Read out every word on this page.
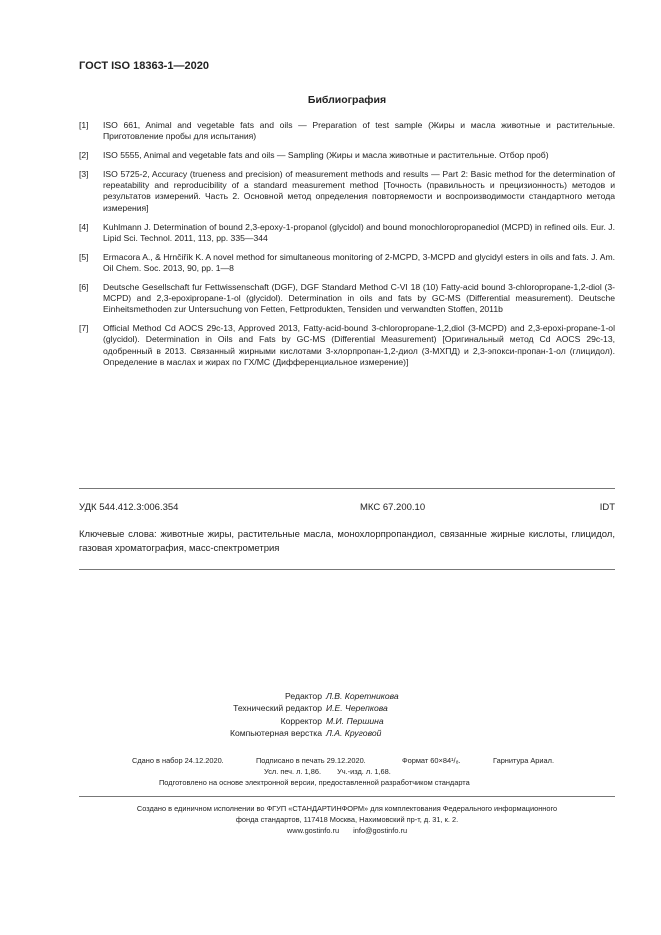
ГОСТ ISO 18363-1—2020
Библиография
[1] ISO 661, Animal and vegetable fats and oils — Preparation of test sample (Жиры и масла животные и растительные. Приготовление пробы для испытания)
[2] ISO 5555, Animal and vegetable fats and oils — Sampling (Жиры и масла животные и растительные. Отбор проб)
[3] ISO 5725-2, Accuracy (trueness and precision) of measurement methods and results — Part 2: Basic method for the determination of repeatability and reproducibility of a standard measurement method [Точность (правильность и прецизионность) методов и результатов измерений. Часть 2. Основной метод определения повторяемости и воспроизводимости стандартного метода измерения]
[4] Kuhlmann J. Determination of bound 2,3-epoxy-1-propanol (glycidol) and bound monochloropropanediol (MCPD) in refined oils. Eur. J. Lipid Sci. Technol. 2011, 113, pp. 335—344
[5] Ermacora A., & Hrnčiřík K. A novel method for simultaneous monitoring of 2-MCPD, 3-MCPD and glycidyl esters in oils and fats. J. Am. Oil Chem. Soc. 2013, 90, pp. 1—8
[6] Deutsche Gesellschaft fur Fettwissenschaft (DGF), DGF Standard Method C-VI 18 (10) Fatty-acid bound 3-chloropropane-1,2-diol (3-MCPD) and 2,3-epoxipropane-1-ol (glycidol). Determination in oils and fats by GC-MS (Differential measurement). Deutsche Einheitsmethoden zur Untersuchung von Fetten, Fettprodukten, Tensiden und verwandten Stoffen, 2011b
[7] Official Method Cd AOCS 29c-13, Approved 2013, Fatty-acid-bound 3-chloropropane-1,2,diol (3-MCPD) and 2,3-epoxi-propane-1-ol (glycidol). Determination in Oils and Fats by GC-MS (Differential Measurement) [Оригинальный метод Cd AOCS 29c-13, одобренный в 2013. Связанный жирными кислотами 3-хлорпропан-1,2-диол (3-МХПД) и 2,3-эпокси-пропан-1-ол (глицидол). Определение в маслах и жирах по ГХ/МС (Дифференциальное измерение)]
УДК 544.412.3:006.354	МКС 67.200.10	IDT
Ключевые слова: животные жиры, растительные масла, монохлорпропандиол, связанные жирные кислоты, глицидол, газовая хроматография, масс-спектрометрия
Редактор Л.В. Коретникова
Технический редактор И.Е. Черепкова
Корректор М.И. Першина
Компьютерная верстка Л.А. Круговой
Сдано в набор 24.12.2020.	Подписано в печать 29.12.2020.	Формат 60×84¹/₈.	Гарнитура Ариал.
Усл. печ. л. 1,86. Уч.-изд. л. 1,68.
Подготовлено на основе электронной версии, предоставленной разработчиком стандарта
Создано в единичном исполнении во ФГУП «СТАНДАРТИНФОРМ» для комплектования Федерального информационного
фонда стандартов, 117418 Москва, Нахимовский пр-т, д. 31, к. 2.
www.gostinfo.ru info@gostinfo.ru
